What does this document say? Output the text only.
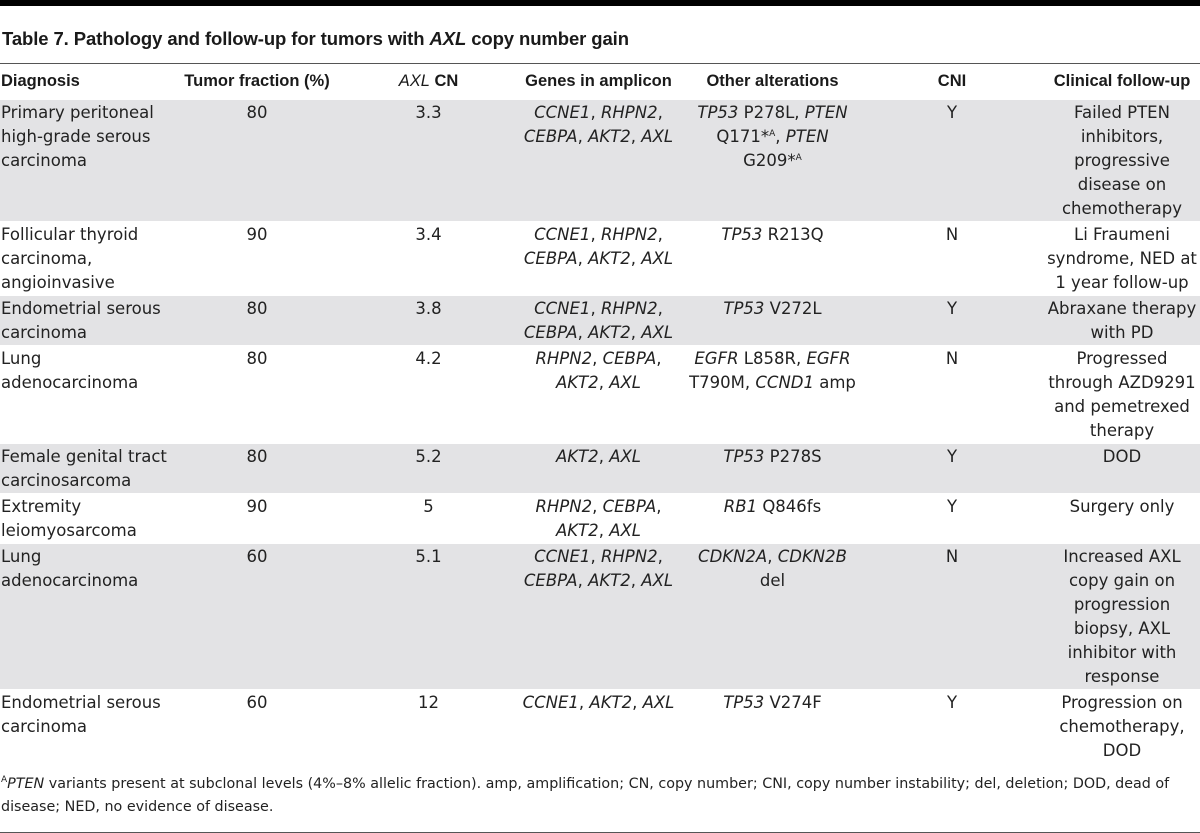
Table 7. Pathology and follow-up for tumors with AXL copy number gain
Diagnosis	Tumor fraction (%)	AXL CN	Genes in amplicon	Other alterations	CNI	Clinical follow-up
Primary peritoneal high-grade serous carcinoma	80	3.3	CCNE1, RHPN2, CEBPA, AKT2, AXL	TP53 P278L, PTEN Q171*$^A$, PTEN G209*$^A$	Y	Failed PTEN inhibitors, progressive disease on chemotherapy
Follicular thyroid carcinoma, angioinvasive	90	3.4	CCNE1, RHPN2, CEBPA, AKT2, AXL	TP53 R213Q	N	Li Fraumeni syndrome, NED at 1 year follow-up
Endometrial serous carcinoma	80	3.8	CCNE1, RHPN2, CEBPA, AKT2, AXL	TP53 V272L	Y	Abraxane therapy with PD
Lung adenocarcinoma	80	4.2	RHPN2, CEBPA, AKT2, AXL	EGFR L858R, EGFR T790M, CCND1 amp	N	Progressed through AZD9291 and pemetrexed therapy
Female genital tract carcinosarcoma	80	5.2	AKT2, AXL	TP53 P278S	Y	DOD
Extremity leiomyosarcoma	90	5	RHPN2, CEBPA, AKT2, AXL	RB1 Q846fs	Y	Surgery only
Lung adenocarcinoma	60	5.1	CCNE1, RHPN2, CEBPA, AKT2, AXL	CDKN2A, CDKN2B del	N	Increased AXL copy gain on progression biopsy, AXL inhibitor with response
Endometrial serous carcinoma	60	12	CCNE1, AKT2, AXL	TP53 V274F	Y	Progression on chemotherapy, DOD
$^A$PTEN variants present at subclonal levels (4%–8% allelic fraction). amp, amplification; CN, copy number; CNI, copy number instability; del, deletion; DOD, dead of disease; NED, no evidence of disease.
